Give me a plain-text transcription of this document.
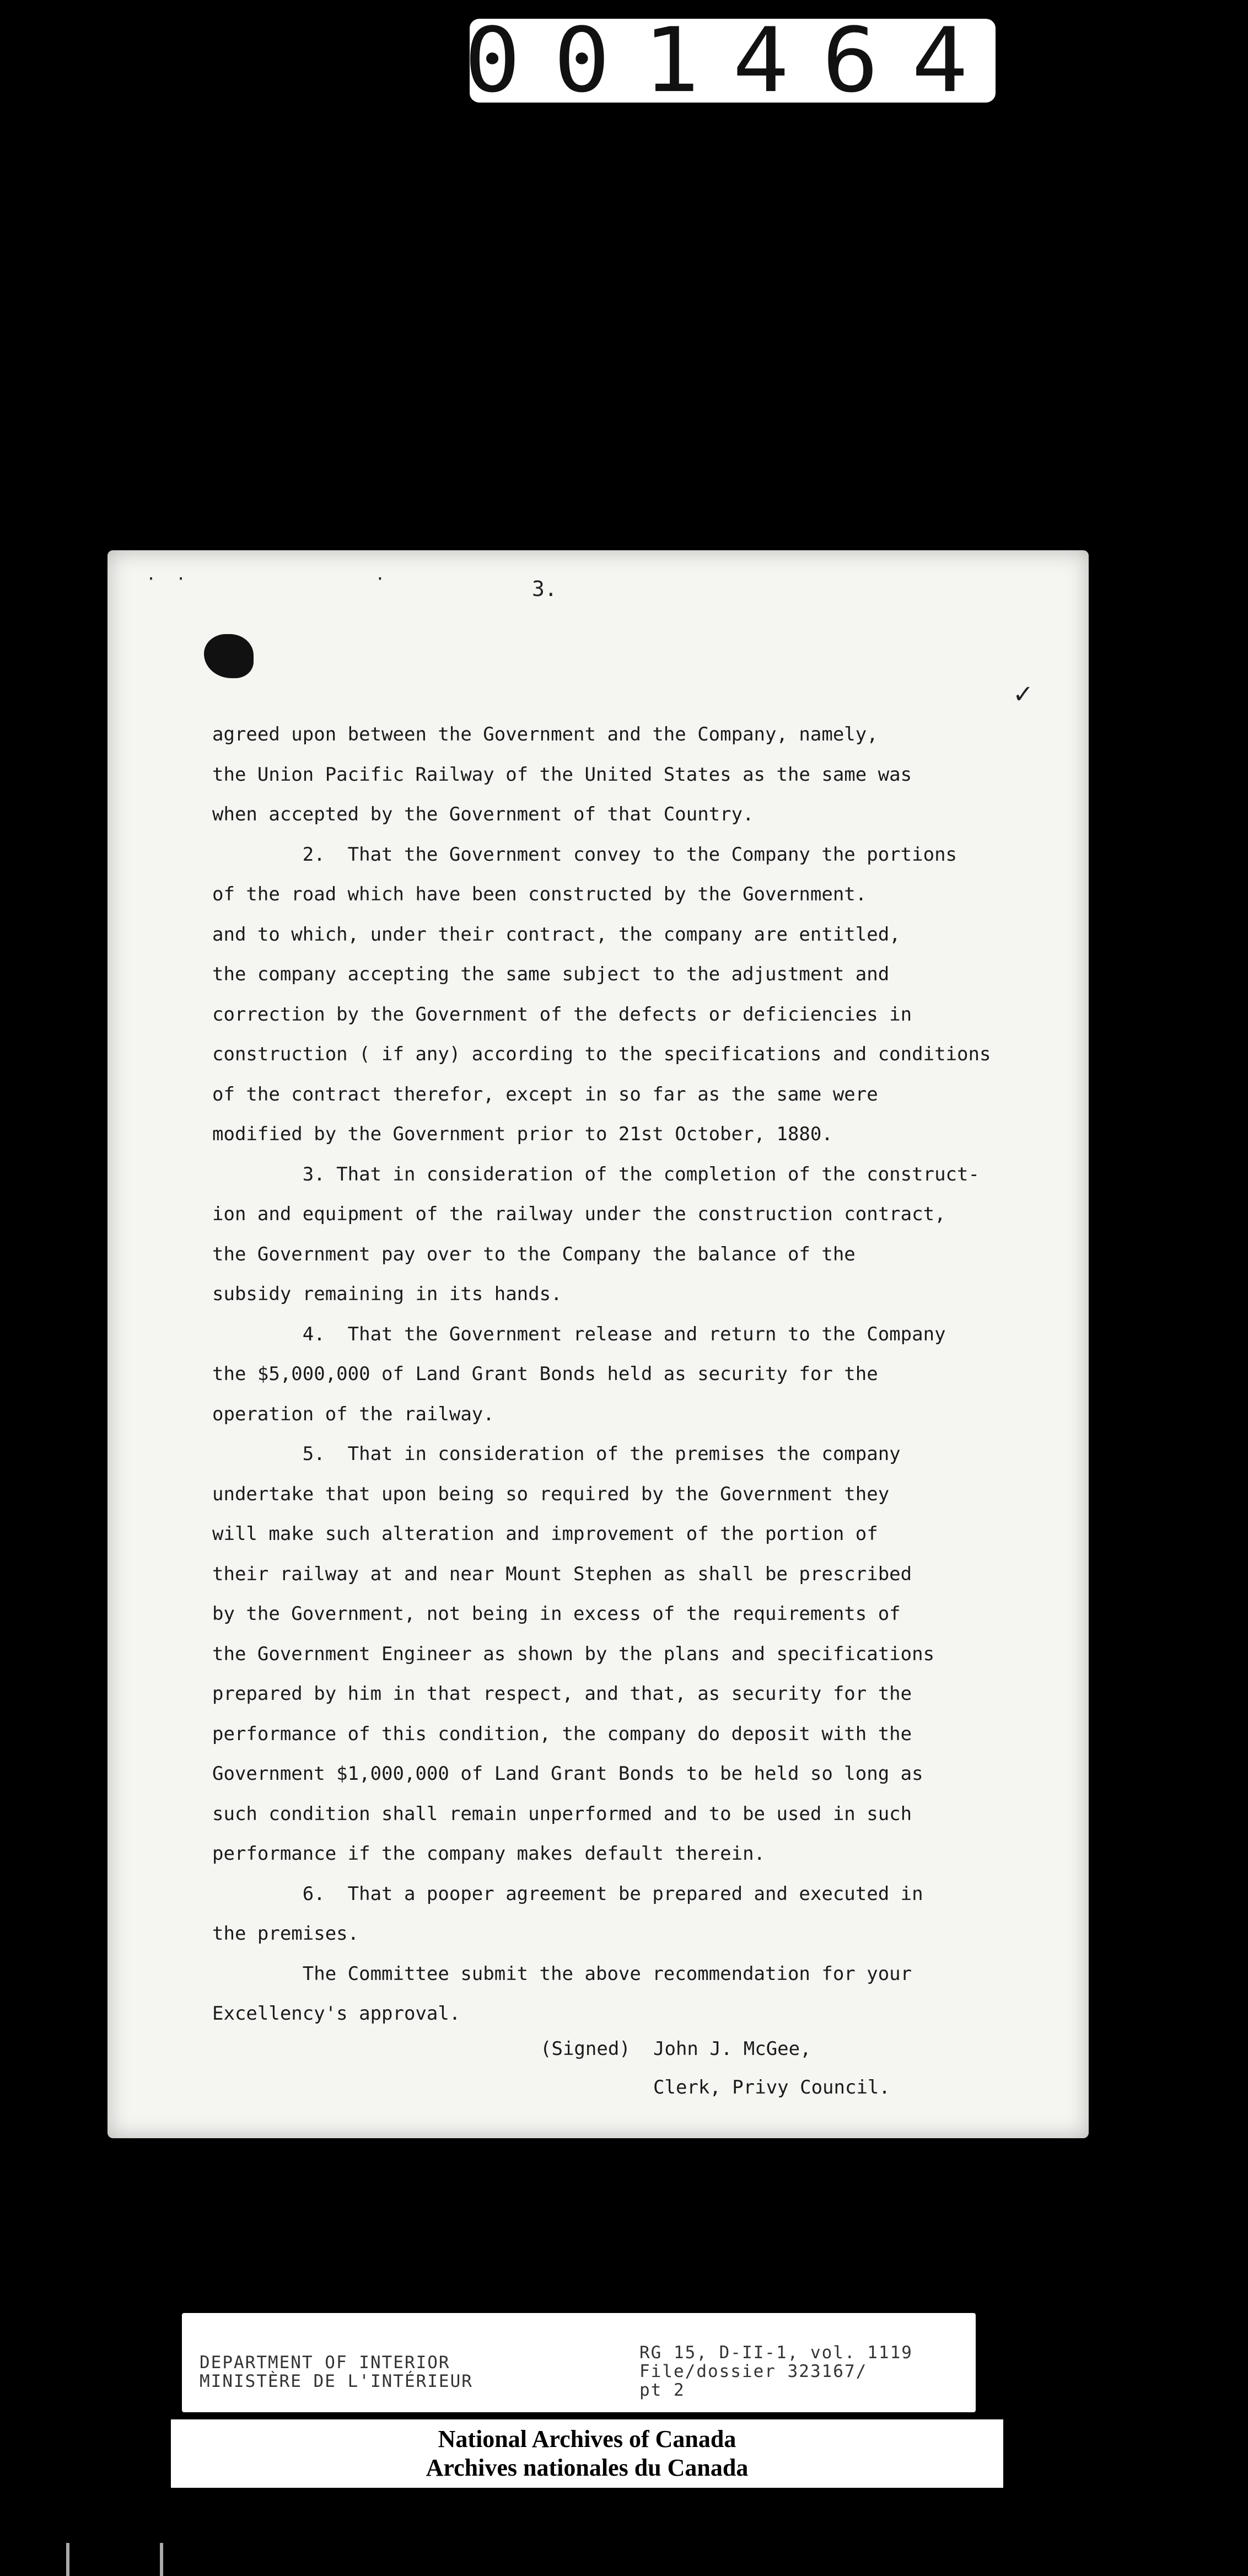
001464
·  ·                   ·	3.
✓
agreed upon between the Government and the Company, namely,
the Union Pacific Railway of the United States as the same was
when accepted by the Government of that Country.
2.  That the Government convey to the Company the portions
of the road which have been constructed by the Government.
and to which, under their contract, the company are entitled,
the company accepting the same subject to the adjustment and
correction by the Government of the defects or deficiencies in
construction ( if any) according to the specifications and conditions
of the contract therefor, except in so far as the same were
modified by the Government prior to 21st October, 1880.
3. That in consideration of the completion of the construct-
ion and equipment of the railway under the construction contract,
the Government pay over to the Company the balance of the
subsidy remaining in its hands.
4.  That the Government release and return to the Company
the $5,000,000 of Land Grant Bonds held as security for the
operation of the railway.
5.  That in consideration of the premises the company
undertake that upon being so required by the Government they
will make such alteration and improvement of the portion of
their railway at and near Mount Stephen as shall be prescribed
by the Government, not being in excess of the requirements of
the Government Engineer as shown by the plans and specifications
prepared by him in that respect, and that, as security for the
performance of this condition, the company do deposit with the
Government $1,000,000 of Land Grant Bonds to be held so long as
such condition shall remain unperformed and to be used in such
performance if the company makes default therein.
6.  That a pooper agreement be prepared and executed in
the premises.
The Committee submit the above recommendation for your
Excellency's approval.

(Signed) John J. McGee,
Clerk, Privy Council.
DEPARTMENT OF INTERIOR
MINISTÈRE DE L'INTÉRIEUR
RG 15, D-II-1, vol. 1119
File/dossier 323167/
pt 2
National Archives of Canada
Archives nationales du Canada
